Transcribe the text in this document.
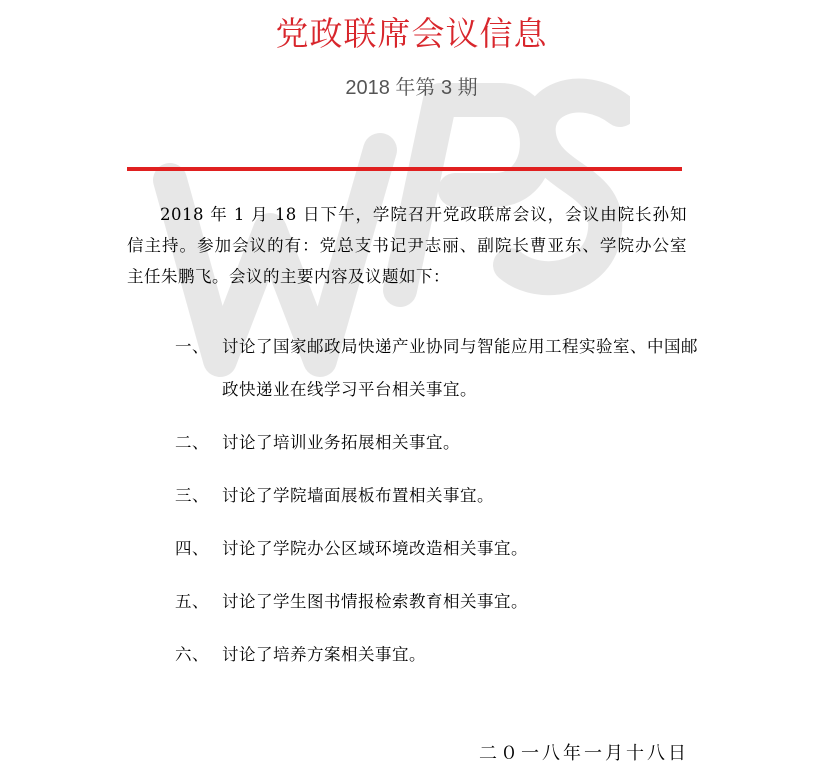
党政联席会议信息
2018 年第 3 期
2018 年 1 月 18 日下午，学院召开党政联席会议，会议由院长孙知信主持。参加会议的有：党总支书记尹志丽、副院长曹亚东、学院办公室主任朱鹏飞。会议的主要内容及议题如下：
一、 讨论了国家邮政局快递产业协同与智能应用工程实验室、中国邮政快递业在线学习平台相关事宜。
二、 讨论了培训业务拓展相关事宜。
三、 讨论了学院墙面展板布置相关事宜。
四、 讨论了学院办公区域环境改造相关事宜。
五、 讨论了学生图书情报检索教育相关事宜。
六、 讨论了培养方案相关事宜。
二０一八年一月十八日
